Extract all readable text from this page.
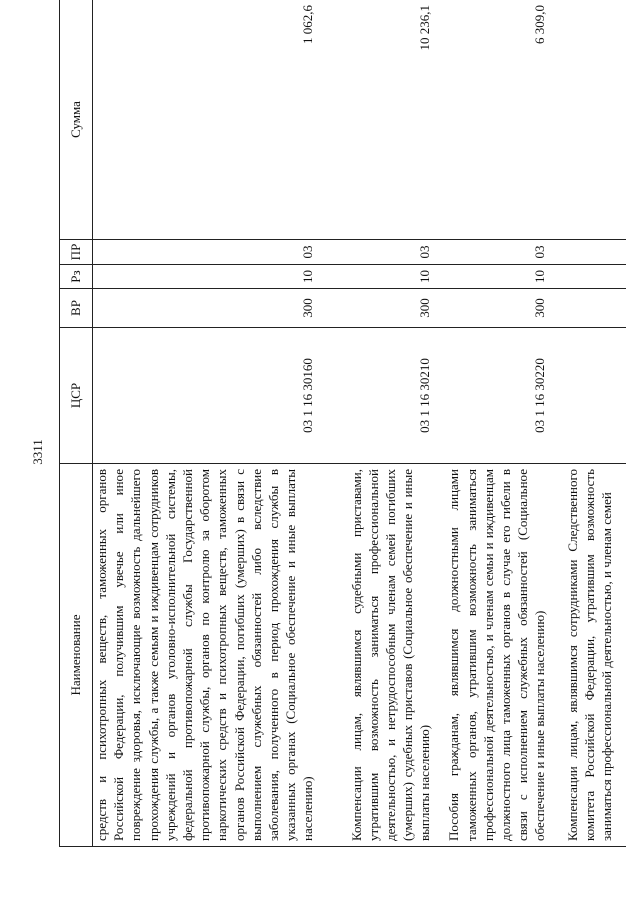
3311
Наименование	ЦСР	ВР	Рз	ПР	Сумма
средств и психотропных веществ, таможенных органов Российской Федерации, получившим увечье или иное повреждение здоровья, исключающие возможность дальнейшего прохождения службы, а также семьям и иждивенцам сотрудников учреждений и органов уголовно-исполнительной системы, федеральной противопожарной службы Государственной противопожарной службы, органов по контролю за оборотом наркотических средств и психотропных веществ, таможенных органов Российской Федерации, погибших (умерших) в связи с выполнением служебных обязанностей либо вследствие заболевания, полученного в период прохождения службы в указанных органах (Социальное обеспечение и иные выплаты населению)	03 1 16 30160	300	10	03	1 062,6
Компенсации лицам, являвшимся судебными приставами, утратившим возможность заниматься профессиональной деятельностью, и нетрудоспособным членам семей погибших (умерших) судебных приставов (Социальное обеспечение и иные выплаты населению)	03 1 16 30210	300	10	03	10 236,1
Пособия гражданам, являвшимся должностными лицами таможенных органов, утратившим возможность заниматься профессиональной деятельностью, и членам семьи и иждивенцам должностного лица таможенных органов в случае его гибели в связи с исполнением служебных обязанностей (Социальное обеспечение и иные выплаты населению)	03 1 16 30220	300	10	03	6 309,0
Компенсации лицам, являвшимся сотрудниками Следственного комитета Российской Федерации, утратившим возможность заниматься профессиональной деятельностью, и членам семей					
